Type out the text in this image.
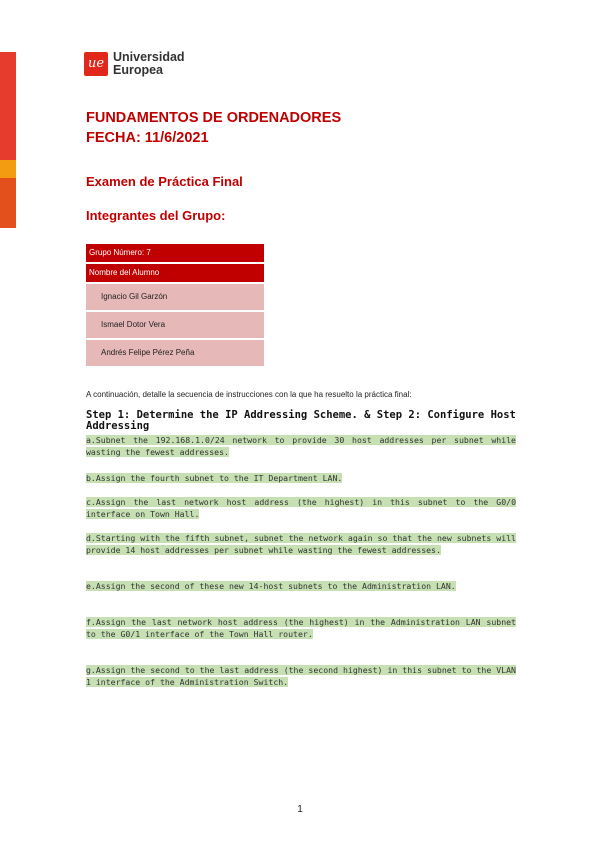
ue Universidad
Europea
FUNDAMENTOS DE ORDENADORES
FECHA: 11/6/2021
Examen de Práctica Final
Integrantes del Grupo:
Grupo Número: 7
Nombre del Alumno
Ignacio Gil Garzón
Ismael Dotor Vera
Andrés Felipe Pérez Peña
A continuación, detalle la secuencia de instrucciones con la que ha resuelto la práctica final:
Step 1: Determine the IP Addressing Scheme. & Step 2: Configure Host Addressing
a.Subnet the 192.168.1.0/24 network to provide 30 host addresses per subnet while wasting the fewest addresses.
b.Assign the fourth subnet to the IT Department LAN.
c.Assign the last network host address (the highest) in this subnet to the G0/0 interface on Town Hall.
d.Starting with the fifth subnet, subnet the network again so that the new subnets will provide 14 host addresses per subnet while wasting the fewest addresses.
e.Assign the second of these new 14-host subnets to the Administration LAN.
f.Assign the last network host address (the highest) in the Administration LAN subnet to the G0/1 interface of the Town Hall router.
g.Assign the second to the last address (the second highest) in this subnet to the VLAN 1 interface of the Administration Switch.
1
